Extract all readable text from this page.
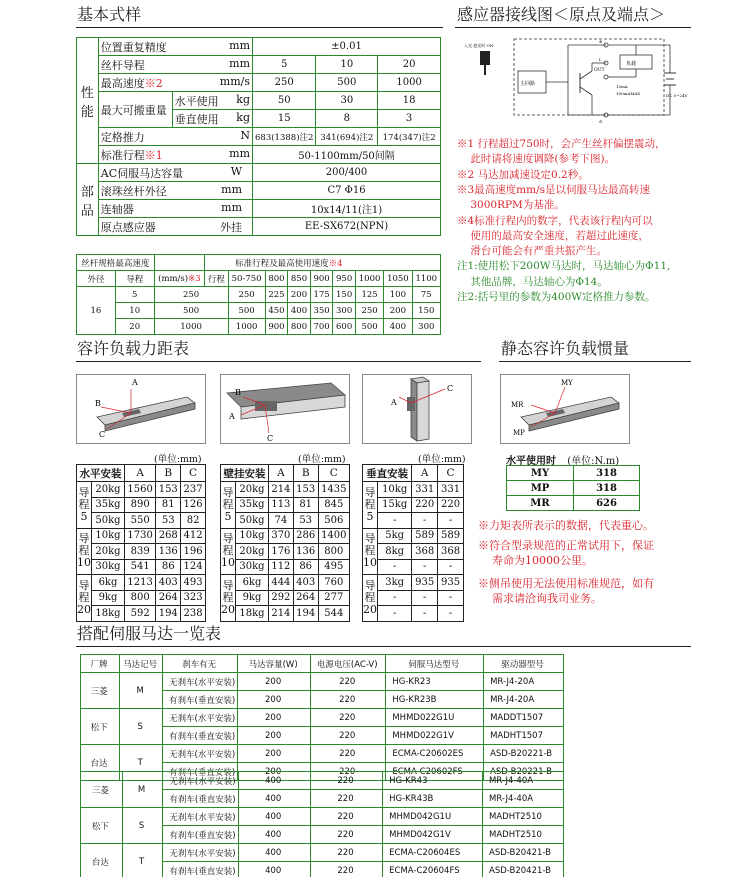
基本式样	感应器接线图＜原点及端点＞
性能	位置重复精度 mm		±0.01		
	丝杆导程 mm		5	10	20
	最高速度※2 mm/s		250	500	1000
	最大可搬重量	水平使用 kg	50	30	18
		垂直使用 kg	15	8	3
	定格推力 N		683(1388)注2	341(694)注2	174(347)注2
	标准行程※1 mm		50-1100mm/50间隔		
部品	AC伺服马达容量 W		200/400		
	滚珠丝杆外径 mm		C7 Φ16		
	连轴器 mm		10x14/11(注1)		
	原点感应器 外挂		EE-SX672(NPN)		
丝杆规格最高速度			标准行程及最高使用速度※4								
外径	导程	(mm/s)※3	行程	50-750	800	850	900	950	1000	1050	1100
16	5	250		250	225	200	175	150	125	100	75
	10	500		500	450	400	350	300	250	200	150
	20	1000		1000	900	800	700	600	500	400	300
入光 遮光时 ON
主回路
负载
OUT
10mA
100mAMAX	DC 5~24V
⊕
L
⊖
※1 行程超过750时，会产生丝杆偏摆震动，
此时请将速度调降(参考下图)。
※2 马达加减速设定0.2秒。
※3最高速度mm/s是以伺服马达最高转速
3000RPM为基准。
※4标准行程内的数字，代表该行程内可以
使用的最高安全速度，若超过此速度，
滑台可能会有严重共振产生。
注1:使用松下200W马达时，马达轴心为Φ11,
其他品牌，马达轴心为Φ14。
注2:括号里的参数为400W定格推力参数。
容许负载力距表	静态容许负载惯量
A
B
C
B
A
C
C
A
MY
MR
MP
(单位:mm)	(单位:mm)	(单位:mm)
水平安装		A	B	C
导程
5	20kg	1560	153	237
	35kg	890	81	126
	50kg	550	53	82
导程
10	10kg	1730	268	412
	20kg	839	136	196
	30kg	541	86	124
导程
20	6kg	1213	403	493
	9kg	800	264	323
	18kg	592	194	238
壁挂安装		A	B	C
导程
5	20kg	214	153	1435
	35kg	113	81	845
	50kg	74	53	506
导程
10	10kg	370	286	1400
	20kg	176	136	800
	30kg	112	86	495
导程
20	6kg	444	403	760
	9kg	292	264	277
	18kg	214	194	544
垂直安装		A	C
导程
5	10kg	331	331
	15kg	220	220
	-	-	-
导程
10	5kg	589	589
	8kg	368	368
	-	-	-
导程
20	3kg	935	935
	-	-	-
	-	-	-
水平使用时 (单位:N.m)
MY	318
MP	318
MR	626
※力矩表所表示的数据，代表重心。
※符合型录规范的正常试用下，保证
寿命为10000公里。
※侧吊使用无法使用标准规范，如有
需求请洽询我司业务。
搭配伺服马达一览表
厂牌	马达记号	刹车有无	马达容量(W)	电源电压(AC-V)	伺服马达型号	驱动器型号
三菱	M	无刹车(水平安装)	200	220	HG-KR23	MR-J4-20A
		有刹车(垂直安装)	200	220	HG-KR23B	MR-J4-20A
松下	S	无刹车(水平安装)	200	220	MHMD022G1U	MADDT1507
		有刹车(垂直安装)	200	220	MHMD022G1V	MADHT1507
台达	T	无刹车(水平安装)	200	220	ECMA-C20602ES	ASD-B20221-B
		有刹车(垂直安装)	200	220	ECMA-C20602FS	ASD-B20221-B
三菱	M	无刹车(水平安装)	400	220	HG-KR43	MR-J4-40A
		有刹车(垂直安装)	400	220	HG-KR43B	MR-J4-40A
松下	S	无刹车(水平安装)	400	220	MHMD042G1U	MADHT2510
		有刹车(垂直安装)	400	220	MHMD042G1V	MADHT2510
台达	T	无刹车(水平安装)	400	220	ECMA-C20604ES	ASD-B20421-B
		有刹车(垂直安装)	400	220	ECMA-C20604FS	ASD-B20421-B
